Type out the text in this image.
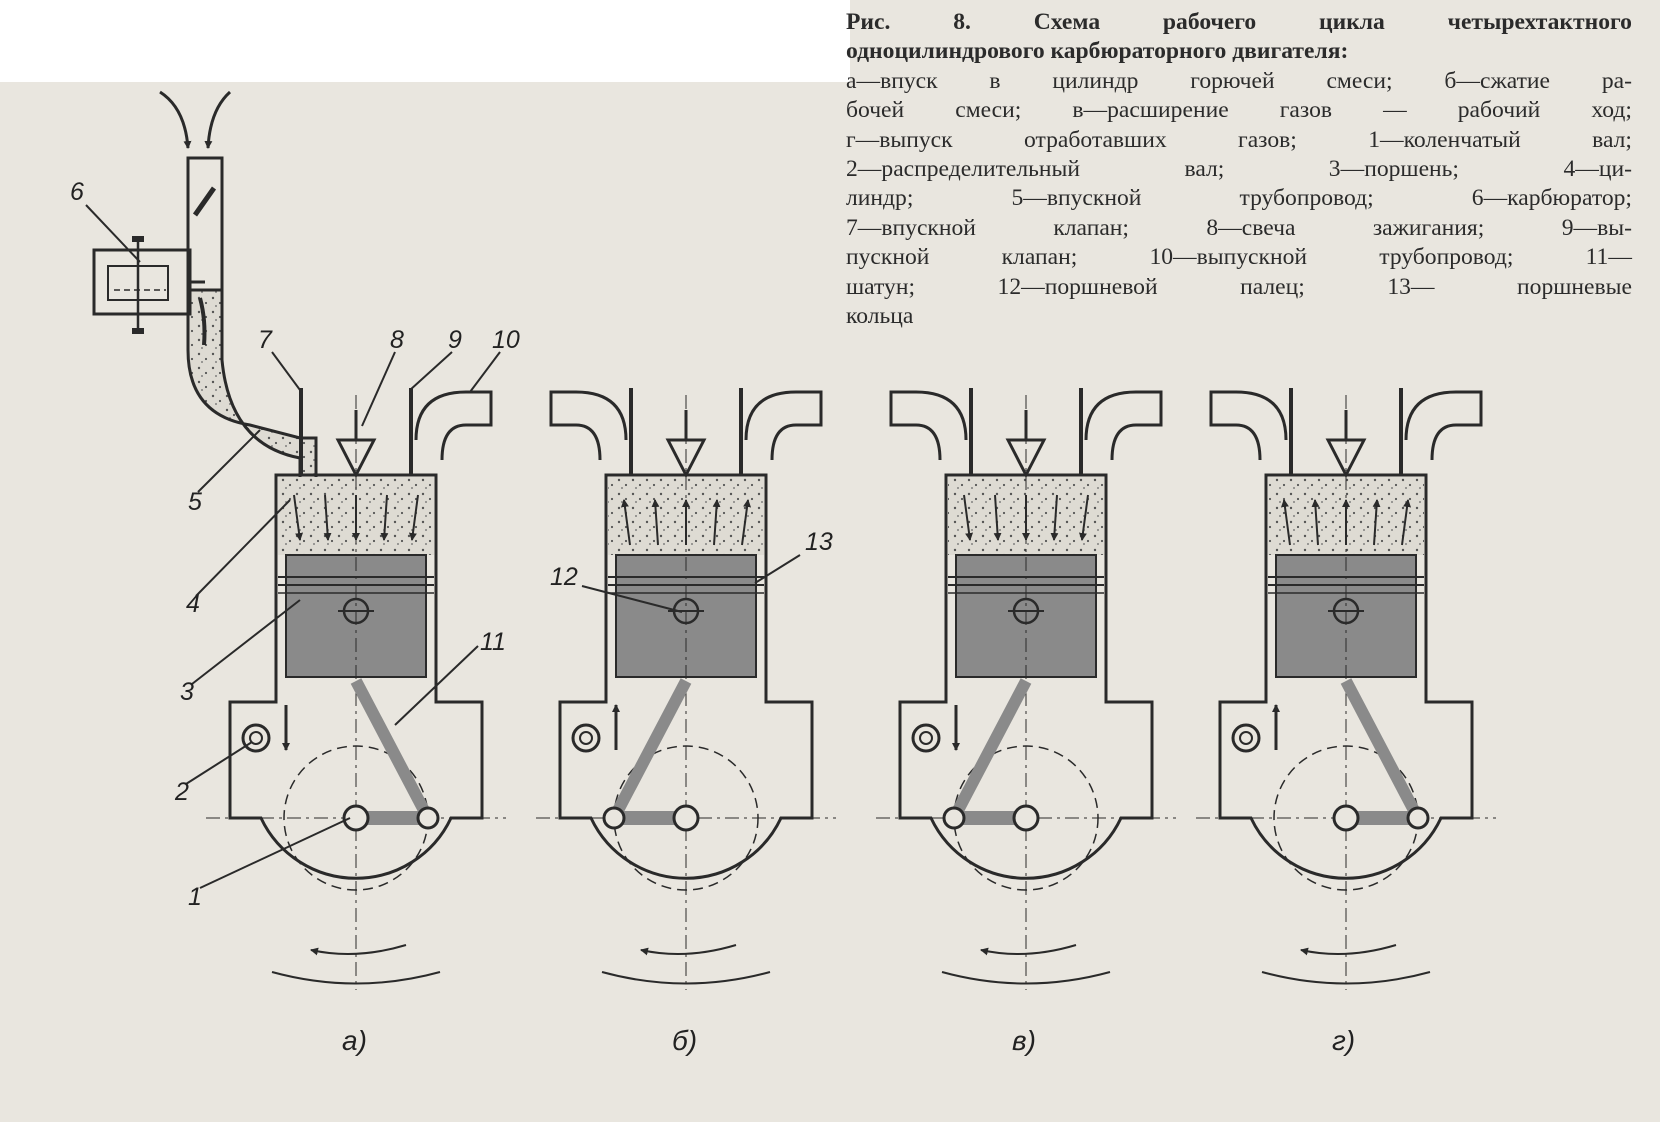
Рис.	8.	Схема	рабочего	цикла	четырехтактного
одноцилиндрового карбюраторного двигателя:
а—впуск в цилиндр горючей смеси; б—сжатие ра-
бочей смеси; в—расширение газов — рабочий ход;
г—выпуск	отработавших	газов;	1—коленчатый	вал;
2—распределительный	вал;	3—поршень;	4—ци-
линдр;	5—впускной	трубопровод;	6—карбюратор;
7—впускной	клапан;	8—свеча	зажигания;	9—вы-
пускной	клапан;	10—выпускной	трубопровод;	11—
шатун;	12—поршневой	палец;	13—	поршневые
кольца
6
7	8 9 10
5
4
3
2
1
11
12
13
а)	б)	в)	г)
